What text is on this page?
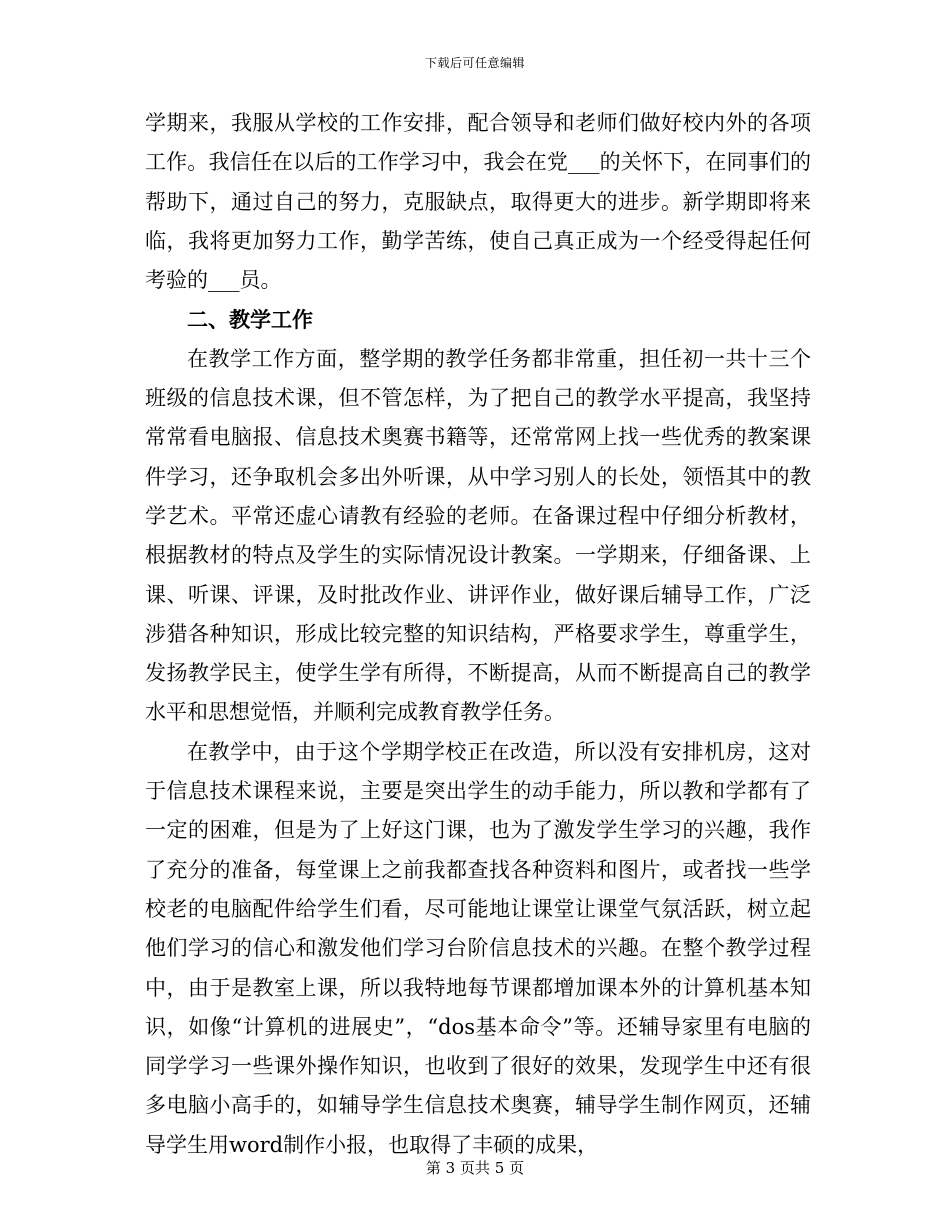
下载后可任意编辑

学期来，我服从学校的工作安排，配合领导和老师们做好校内外的各项工作。我信任在以后的工作学习中，我会在党___的关怀下，在同事们的帮助下，通过自己的努力，克服缺点，取得更大的进步。新学期即将来临，我将更加努力工作，勤学苦练，使自己真正成为一个经受得起任何考验的___员。

二、教学工作

在教学工作方面，整学期的教学任务都非常重，担任初一共十三个班级的信息技术课，但不管怎样，为了把自己的教学水平提高，我坚持常常看电脑报、信息技术奥赛书籍等，还常常网上找一些优秀的教案课件学习，还争取机会多出外听课，从中学习别人的长处，领悟其中的教学艺术。平常还虚心请教有经验的老师。在备课过程中仔细分析教材，根据教材的特点及学生的实际情况设计教案。一学期来，仔细备课、上课、听课、评课，及时批改作业、讲评作业，做好课后辅导工作，广泛涉猎各种知识，形成比较完整的知识结构，严格要求学生，尊重学生，发扬教学民主，使学生学有所得，不断提高，从而不断提高自己的教学水平和思想觉悟，并顺利完成教育教学任务。

在教学中，由于这个学期学校正在改造，所以没有安排机房，这对于信息技术课程来说，主要是突出学生的动手能力，所以教和学都有了一定的困难，但是为了上好这门课，也为了激发学生学习的兴趣，我作了充分的准备，每堂课上之前我都查找各种资料和图片，或者找一些学校老的电脑配件给学生们看，尽可能地让课堂让课堂气氛活跃，树立起他们学习的信心和激发他们学习台阶信息技术的兴趣。在整个教学过程中，由于是教室上课，所以我特地每节课都增加课本外的计算机基本知识，如像“计算机的进展史”，“dos基本命令”等。还辅导家里有电脑的同学学习一些课外操作知识，也收到了很好的效果，发现学生中还有很多电脑小高手的，如辅导学生信息技术奥赛，辅导学生制作网页，还辅导学生用word制作小报，也取得了丰硕的成果，

第 3 页共 5 页
